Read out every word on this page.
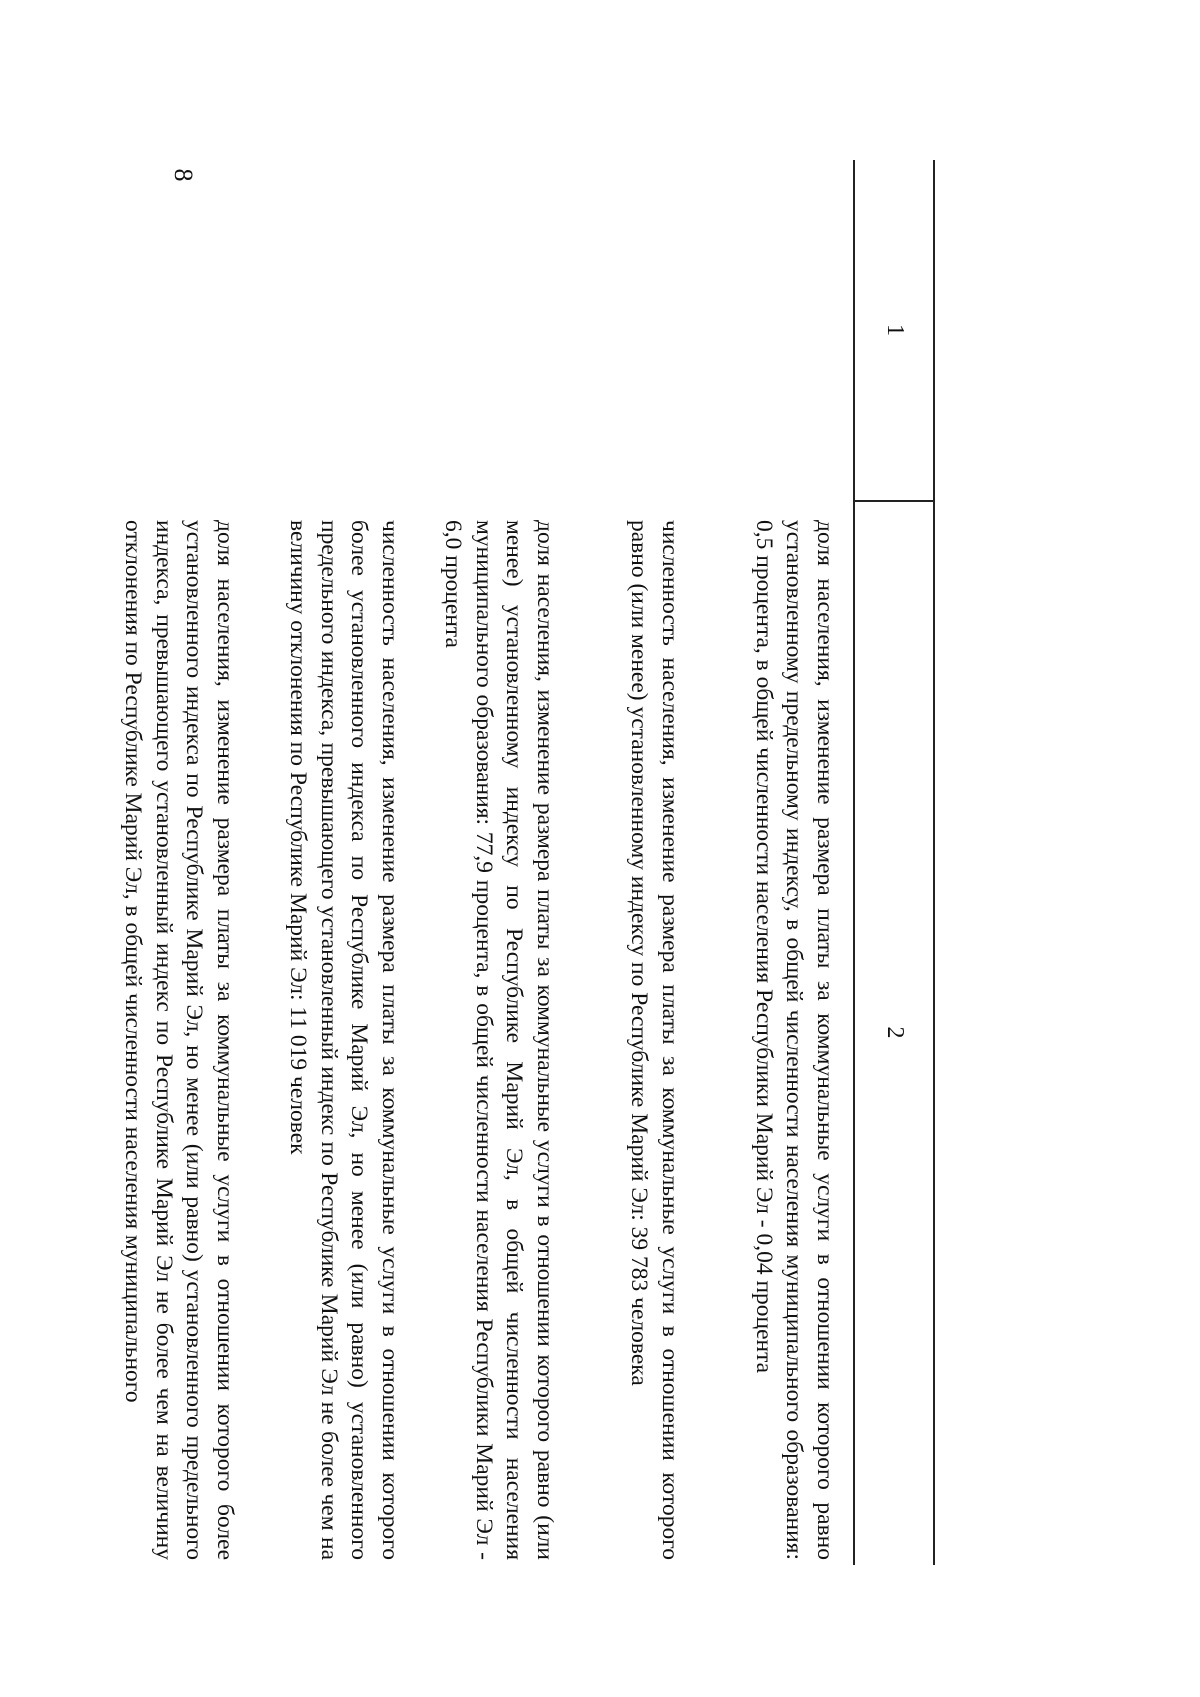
8
1
2
доля населения, изменение размера платы за коммунальные услуги в отношении которого равно установленному предельному индексу, в общей численности населения муниципального образования: 0,5 процента, в общей численности населения Республики Марий Эл - 0,04 процента
численность населения, изменение размера платы за коммунальные услуги в отношении которого равно (или менее) установленному индексу по Республике Марий Эл: 39 783 человека
доля населения, изменение размера платы за коммунальные услуги в отношении которого равно (или менее) установленному индексу по Республике Марий Эл, в общей численности населения муниципального образования: 77,9 процента, в общей численности населения Республики Марий Эл - 6,0 процента
численность населения, изменение размера платы за коммунальные услуги в отношении которого более установленного индекса по Республике Марий Эл, но менее (или равно) установленного предельного индекса, превышающего установленный индекс по Республике Марий Эл не более чем на величину отклонения по Республике Марий Эл: 11 019 человек
доля населения, изменение размера платы за коммунальные услуги в отношении которого более установленного индекса по Республике Марий Эл, но менее (или равно) установленного предельного индекса, превышающего установленный индекс по Республике Марий Эл не более чем на величину отклонения по Республике Марий Эл, в общей численности населения муниципального
